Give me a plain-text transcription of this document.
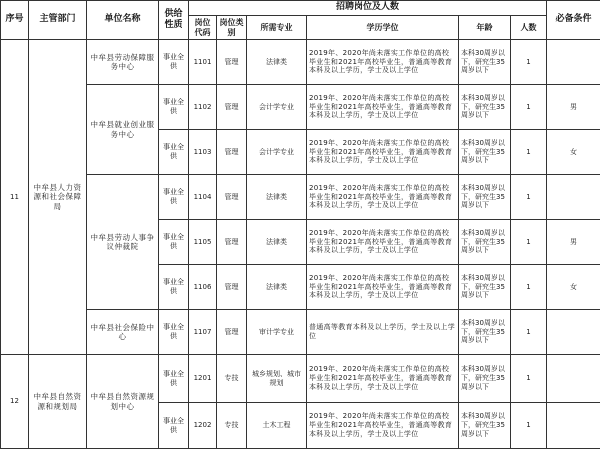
序号	主管部门	单位名称	供给性质	招聘岗位及人数						必备条件
				岗位代码	岗位类别	所需专业	学历学位	年龄	人数	
11	中牟县人力资源和社会保障局	中牟县劳动保障服务中心	事业全供	1101	管理	法律类	2019年、2020年尚未落实工作单位的高校毕业生和2021年高校毕业生，普通高等教育本科及以上学历，学士及以上学位	本科30周岁以下，研究生35周岁以下	1	
		中牟县就业创业服务中心	事业全供	1102	管理	会计学专业	2019年、2020年尚未落实工作单位的高校毕业生和2021年高校毕业生，普通高等教育本科及以上学历，学士及以上学位	本科30周岁以下，研究生35周岁以下	1	男
			事业全供	1103	管理	会计学专业	2019年、2020年尚未落实工作单位的高校毕业生和2021年高校毕业生，普通高等教育本科及以上学历，学士及以上学位	本科30周岁以下，研究生35周岁以下	1	女
		中牟县劳动人事争议仲裁院	事业全供	1104	管理	法律类	2019年、2020年尚未落实工作单位的高校毕业生和2021年高校毕业生，普通高等教育本科及以上学历，学士及以上学位	本科30周岁以下，研究生35周岁以下	1	
			事业全供	1105	管理	法律类	2019年、2020年尚未落实工作单位的高校毕业生和2021年高校毕业生，普通高等教育本科及以上学历，学士及以上学位	本科30周岁以下，研究生35周岁以下	1	男
			事业全供	1106	管理	法律类	2019年、2020年尚未落实工作单位的高校毕业生和2021年高校毕业生，普通高等教育本科及以上学历，学士及以上学位	本科30周岁以下，研究生35周岁以下	1	女
		中牟县社会保险中心	事业全供	1107	管理	审计学专业	普通高等教育本科及以上学历，学士及以上学位	本科30周岁以下，研究生35周岁以下	1	
12	中牟县自然资源和规划局	中牟县自然资源规划中心	事业全供	1201	专技	城乡规划、城市规划	2019年、2020年尚未落实工作单位的高校毕业生和2021年高校毕业生，普通高等教育本科及以上学历，学士及以上学位	本科30周岁以下，研究生35周岁以下	1	
			事业全供	1202	专技	土木工程	2019年、2020年尚未落实工作单位的高校毕业生和2021年高校毕业生，普通高等教育本科及以上学历，学士及以上学位	本科30周岁以下，研究生35周岁以下	1	
